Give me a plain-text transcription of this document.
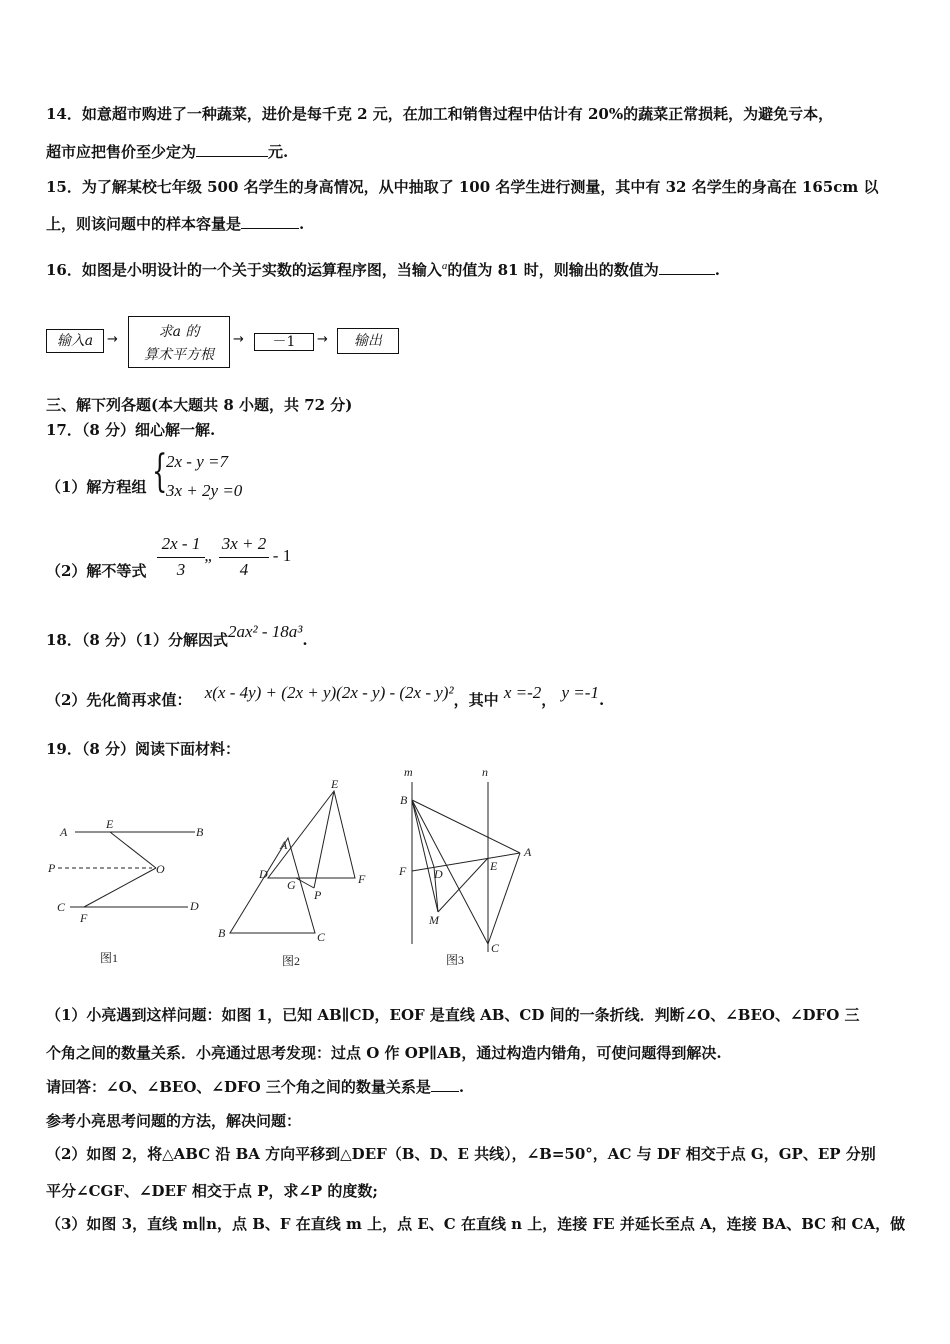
14．如意超市购进了一种蔬菜，进价是每千克 2 元，在加工和销售过程中估计有 20%的蔬菜正常损耗，为避免亏本，
超市应把售价至少定为	元.
15．为了解某校七年级 500 名学生的身高情况，从中抽取了 100 名学生进行测量，其中有 32 名学生的身高在 165cm 以
上，则该问题中的样本容量是	.
16．如图是小明设计的一个关于实数的运算程序图，当输入$^a$的值为 81 时，则输出的数值为	.
输入a	→	求a 的
算术平方根
→	－1	→	输出
三、解下列各题(本大题共 8 小题，共 72 分)
17．（8 分）细心解一解.
（1）解方程组 {
2x - y =7
3x + 2y =0
（2）解不等式
2x - 1
3
„
3x + 2
4
- 1
18．（8 分）（1）分解因式2ax² - 18a³.
（2）先化简再求值： x(x - 4y) + (2x + y)(2x - y) - (2x - y)²，其中 x =-2， y =-1.
19．（8 分）阅读下面材料：
A
E
B
P	O
C
F
D
图1
E
A
D
G	F
P
B	C
图2
m	n
B
A
F D
E
M
C
图3
（1）小亮遇到这样问题：如图 1，已知 AB∥CD，EOF 是直线 AB、CD 间的一条折线．判断∠O、∠BEO、∠DFO 三
个角之间的数量关系．小亮通过思考发现：过点 O 作 OP∥AB，通过构造内错角，可使问题得到解决.
请回答：∠O、∠BEO、∠DFO 三个角之间的数量关系是 .
参考小亮思考问题的方法，解决问题：
（2）如图 2，将△ABC 沿 BA 方向平移到△DEF（B、D、E 共线），∠B=50°，AC 与 DF 相交于点 G，GP、EP 分别
平分∠CGF、∠DEF 相交于点 P，求∠P 的度数;
（3）如图 3，直线 m∥n，点 B、F 在直线 m 上，点 E、C 在直线 n 上，连接 FE 并延长至点 A，连接 BA、BC 和 CA，做
